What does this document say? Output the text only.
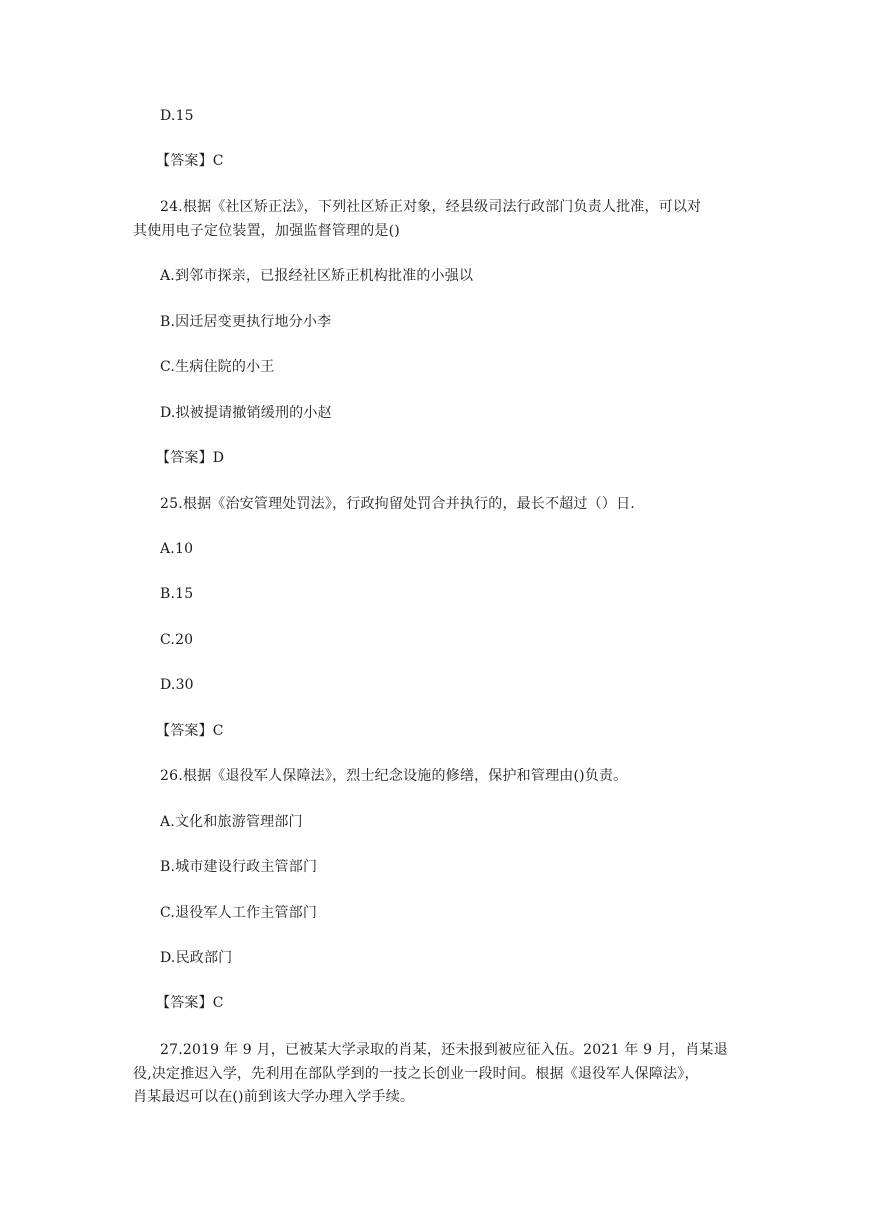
D.15
【答案】C
24.根据《社区矫正法》，下列社区矫正对象，经县级司法行政部门负责人批准，可以对
其使用电子定位装置，加强监督管理的是()
A.到邻市探亲，已报经社区矫正机构批准的小强以
B.因迁居变更执行地分小李
C.生病住院的小王
D.拟被提请撤销缓刑的小赵
【答案】D
25.根据《治安管理处罚法》，行政拘留处罚合并执行的，最长不超过（）日.
A.10
B.15
C.20
D.30
【答案】C
26.根据《退役军人保障法》，烈士纪念设施的修缮，保护和管理由()负责。
A.文化和旅游管理部门
B.城市建设行政主管部门
C.退役军人工作主管部门
D.民政部门
【答案】C
27.2019 年 9 月，已被某大学录取的肖某，还未报到被应征入伍。2021 年 9 月，肖某退
役,决定推迟入学，先利用在部队学到的一技之长创业一段时间。根据《退役军人保障法》，
肖某最迟可以在()前到该大学办理入学手续。
